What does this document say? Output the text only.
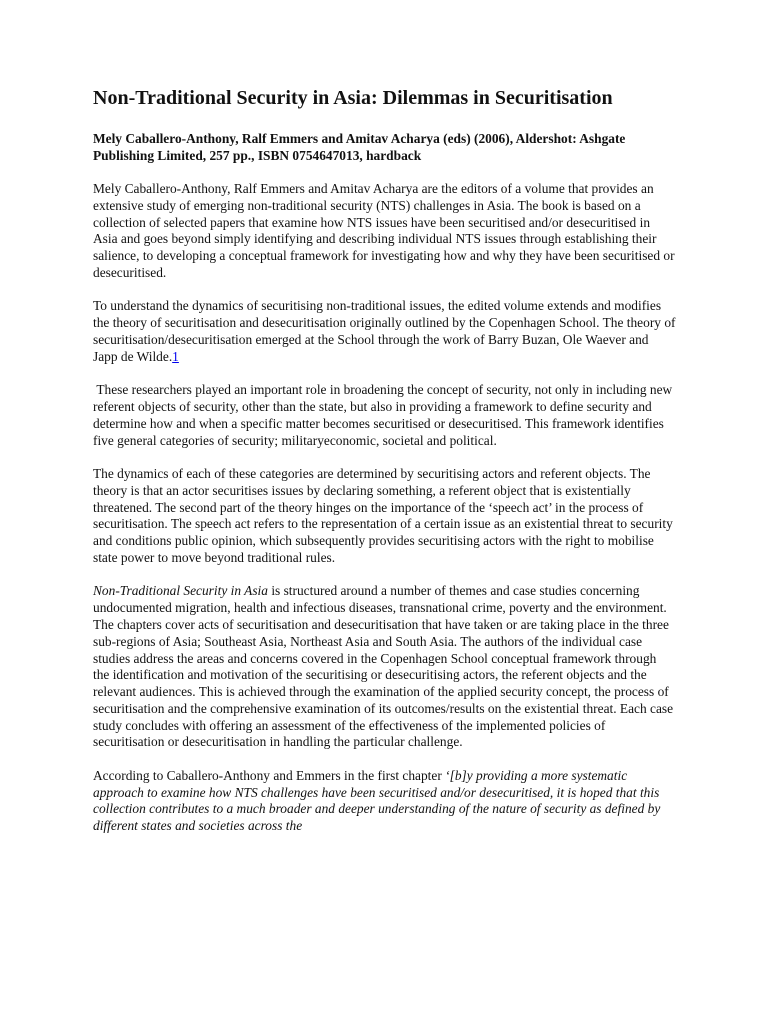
Non-Traditional Security in Asia: Dilemmas in Securitisation
Mely Caballero-Anthony, Ralf Emmers and Amitav Acharya (eds) (2006), Aldershot: Ashgate Publishing Limited, 257 pp., ISBN 0754647013, hardback

Mely Caballero-Anthony, Ralf Emmers and Amitav Acharya are the editors of a volume that provides an extensive study of emerging non-traditional security (NTS) challenges in Asia. The book is based on a collection of selected papers that examine how NTS issues have been securitised and/or desecuritised in Asia and goes beyond simply identifying and describing individual NTS issues through establishing their salience, to developing a conceptual framework for investigating how and why they have been securitised or desecuritised.

To understand the dynamics of securitising non-traditional issues, the edited volume extends and modifies the theory of securitisation and desecuritisation originally outlined by the Copenhagen School. The theory of securitisation/desecuritisation emerged at the School through the work of Barry Buzan, Ole Waever and Japp de Wilde.1

These researchers played an important role in broadening the concept of security, not only in including new referent objects of security, other than the state, but also in providing a framework to define security and determine how and when a specific matter becomes securitised or desecuritised. This framework identifies five general categories of security; militaryeconomic, societal and political.

The dynamics of each of these categories are determined by securitising actors and referent objects. The theory is that an actor securitises issues by declaring something, a referent object that is existentially threatened. The second part of the theory hinges on the importance of the ‘speech act’ in the process of securitisation. The speech act refers to the representation of a certain issue as an existential threat to security and conditions public opinion, which subsequently provides securitising actors with the right to mobilise state power to move beyond traditional rules.

Non-Traditional Security in Asia is structured around a number of themes and case studies concerning undocumented migration, health and infectious diseases, transnational crime, poverty and the environment. The chapters cover acts of securitisation and desecuritisation that have taken or are taking place in the three sub-regions of Asia; Southeast Asia, Northeast Asia and South Asia. The authors of the individual case studies address the areas and concerns covered in the Copenhagen School conceptual framework through the identification and motivation of the securitising or desecuritising actors, the referent objects and the relevant audiences. This is achieved through the examination of the applied security concept, the process of securitisation and the comprehensive examination of its outcomes/results on the existential threat. Each case study concludes with offering an assessment of the effectiveness of the implemented policies of securitisation or desecuritisation in handling the particular challenge.

According to Caballero-Anthony and Emmers in the first chapter ‘[b]y providing a more systematic approach to examine how NTS challenges have been securitised and/or desecuritised, it is hoped that this collection contributes to a much broader and deeper understanding of the nature of security as defined by different states and societies across the
